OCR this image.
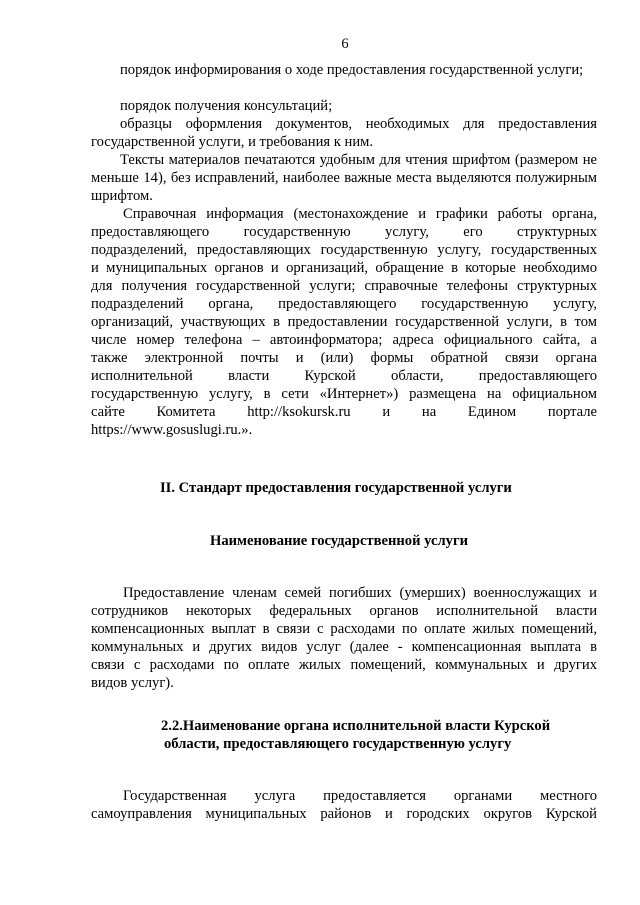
6
порядок информирования о ходе предоставления государственной услуги;
порядок получения консультаций;
образцы оформления документов, необходимых для предоставления государственной услуги, и требования к ним.
Тексты материалов печатаются удобным для чтения шрифтом (размером не меньше 14), без исправлений, наиболее важные места выделяются полужирным шрифтом.
Справочная информация (местонахождение и графики работы органа,
предоставляющего государственную услугу, его структурных
подразделений, предоставляющих государственную услугу, государственных
и муниципальных органов и организаций, обращение в которые необходимо
для получения государственной услуги; справочные телефоны структурных
подразделений органа, предоставляющего государственную услугу,
организаций, участвующих в предоставлении государственной услуги, в том
числе номер телефона – автоинформатора; адреса официального сайта, а
также электронной почты и (или) формы обратной связи органа
исполнительной власти Курской области, предоставляющего
государственную услугу, в сети «Интернет») размещена на официальном
сайте Комитета http://ksokursk.ru и на Едином портале
https://www.gosuslugi.ru.».
II. Стандарт предоставления государственной услуги
Наименование государственной услуги
Предоставление членам семей погибших (умерших) военнослужащих и
сотрудников некоторых федеральных органов исполнительной власти
компенсационных выплат в связи с расходами по оплате жилых помещений,
коммунальных и других видов услуг (далее - компенсационная выплата в
связи с расходами по оплате жилых помещений, коммунальных и других
видов услуг).
2.2.Наименование органа исполнительной власти Курской
области, предоставляющего государственную услугу
Государственная услуга предоставляется органами местного
самоуправления муниципальных районов и городских округов Курской
